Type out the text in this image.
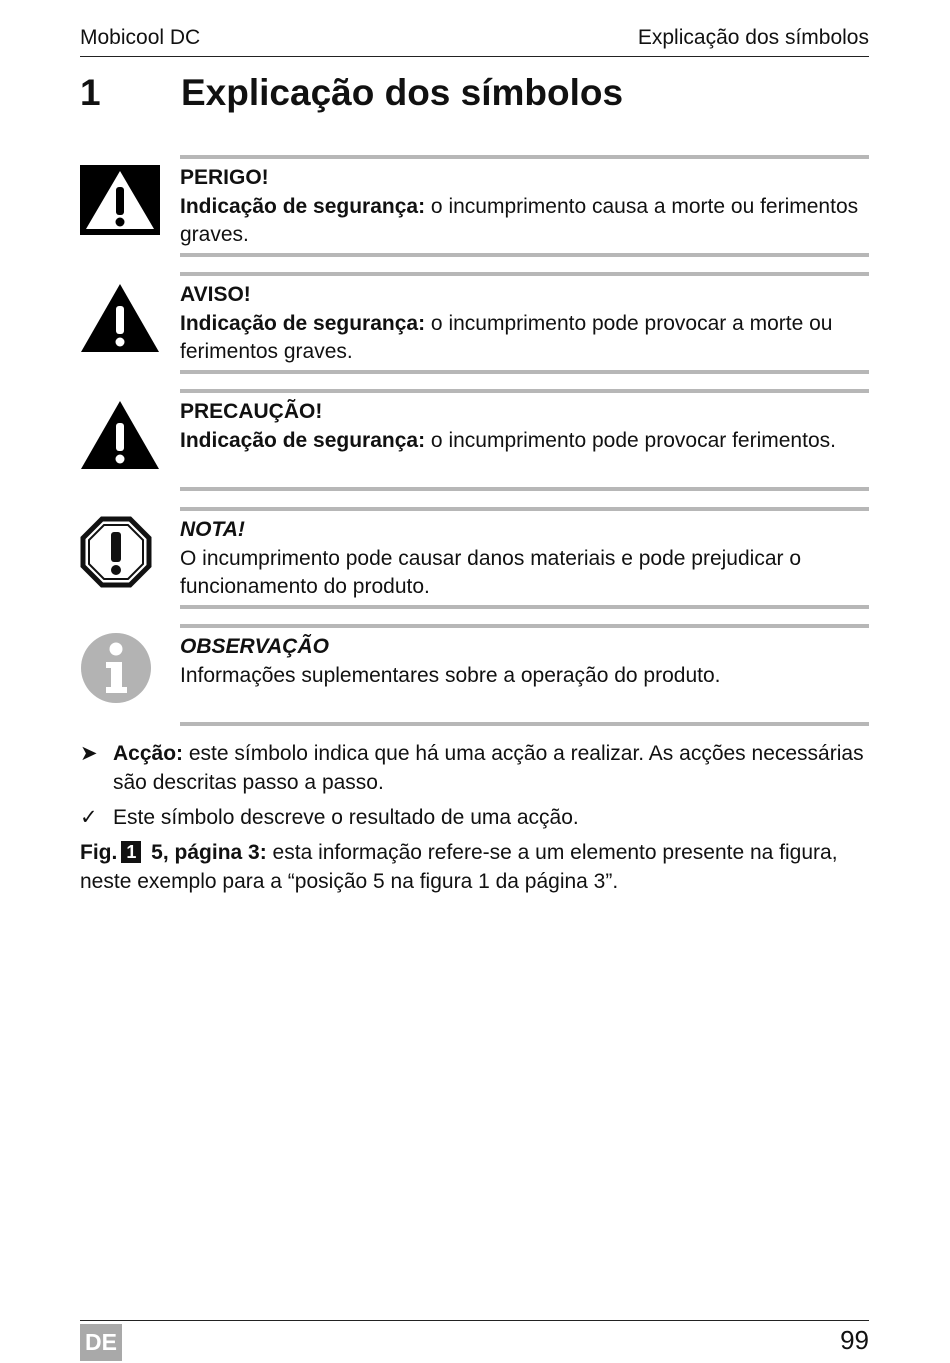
Mobicool DC	Explicação dos símbolos
1 Explicação dos símbolos
PERIGO!
Indicação de segurança: o incumprimento causa a morte ou ferimentos graves.
AVISO!
Indicação de segurança: o incumprimento pode provocar a morte ou ferimentos graves.
PRECAUÇÃO!
Indicação de segurança: o incumprimento pode provocar ferimentos.
NOTA!
O incumprimento pode causar danos materiais e pode prejudicar o funcionamento do produto.
OBSERVAÇÃO
Informações suplementares sobre a operação do produto.
➤ Acção: este símbolo indica que há uma acção a realizar. As acções necessárias são descritas passo a passo.
✓ Este símbolo descreve o resultado de uma acção.
Fig. 1 5, página 3: esta informação refere-se a um elemento presente na figura, neste exemplo para a “posição 5 na figura 1 da página 3”.
DE	99
